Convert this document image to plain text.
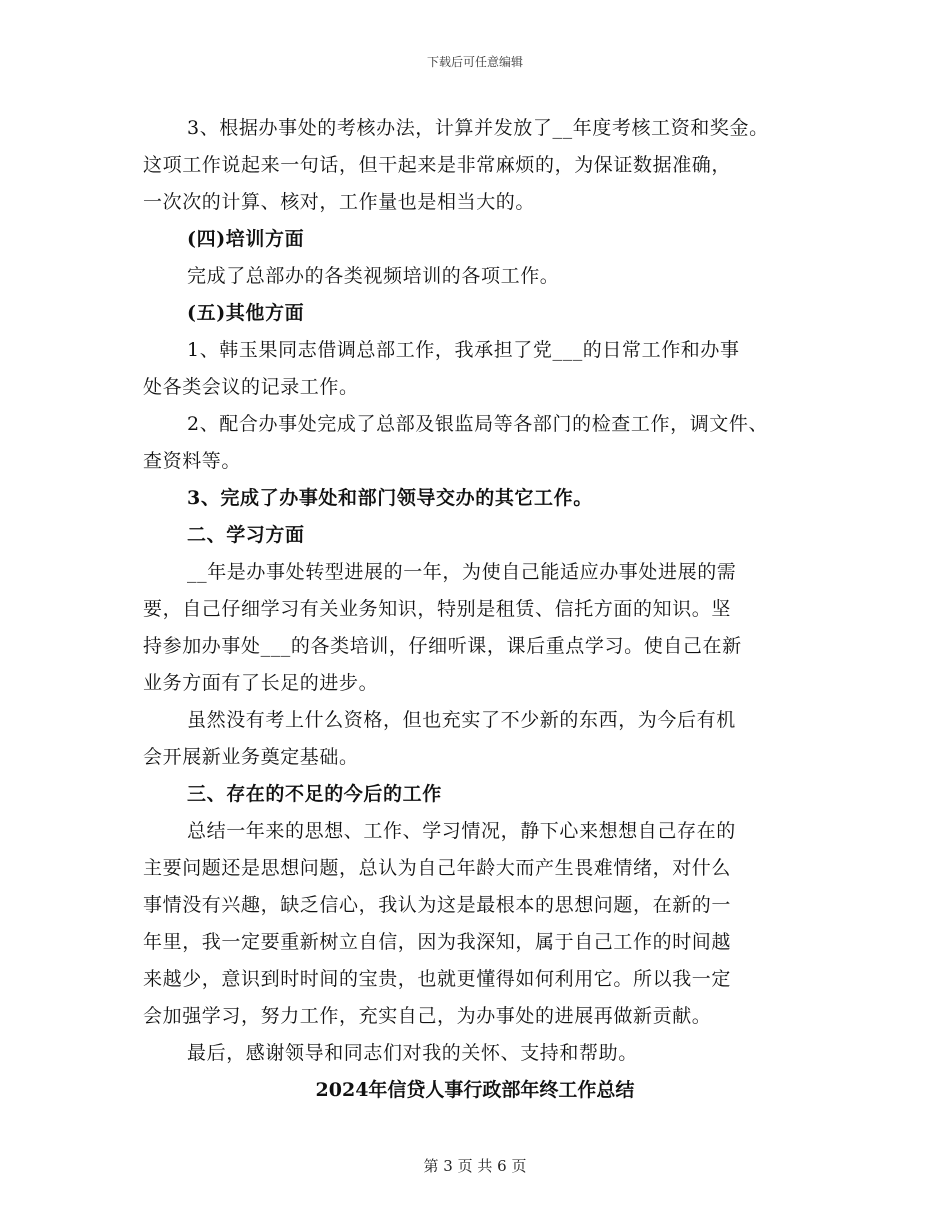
下载后可任意编辑
3、根据办事处的考核办法，计算并发放了__年度考核工资和奖金。
这项工作说起来一句话，但干起来是非常麻烦的，为保证数据准确，
一次次的计算、核对，工作量也是相当大的。
(四)培训方面
完成了总部办的各类视频培训的各项工作。
(五)其他方面
1、韩玉果同志借调总部工作，我承担了党___的日常工作和办事
处各类会议的记录工作。
2、配合办事处完成了总部及银监局等各部门的检查工作，调文件、
查资料等。
3、完成了办事处和部门领导交办的其它工作。
二、学习方面
__年是办事处转型进展的一年，为使自己能适应办事处进展的需
要，自己仔细学习有关业务知识，特别是租赁、信托方面的知识。坚
持参加办事处___的各类培训，仔细听课，课后重点学习。使自己在新
业务方面有了长足的进步。
虽然没有考上什么资格，但也充实了不少新的东西，为今后有机
会开展新业务奠定基础。
三、存在的不足的今后的工作
总结一年来的思想、工作、学习情况，静下心来想想自己存在的
主要问题还是思想问题，总认为自己年龄大而产生畏难情绪，对什么
事情没有兴趣，缺乏信心，我认为这是最根本的思想问题，在新的一
年里，我一定要重新树立自信，因为我深知，属于自己工作的时间越
来越少，意识到时时间的宝贵，也就更懂得如何利用它。所以我一定
会加强学习，努力工作，充实自己，为办事处的进展再做新贡献。
最后，感谢领导和同志们对我的关怀、支持和帮助。
2024年信贷人事行政部年终工作总结
第 3 页 共 6 页
